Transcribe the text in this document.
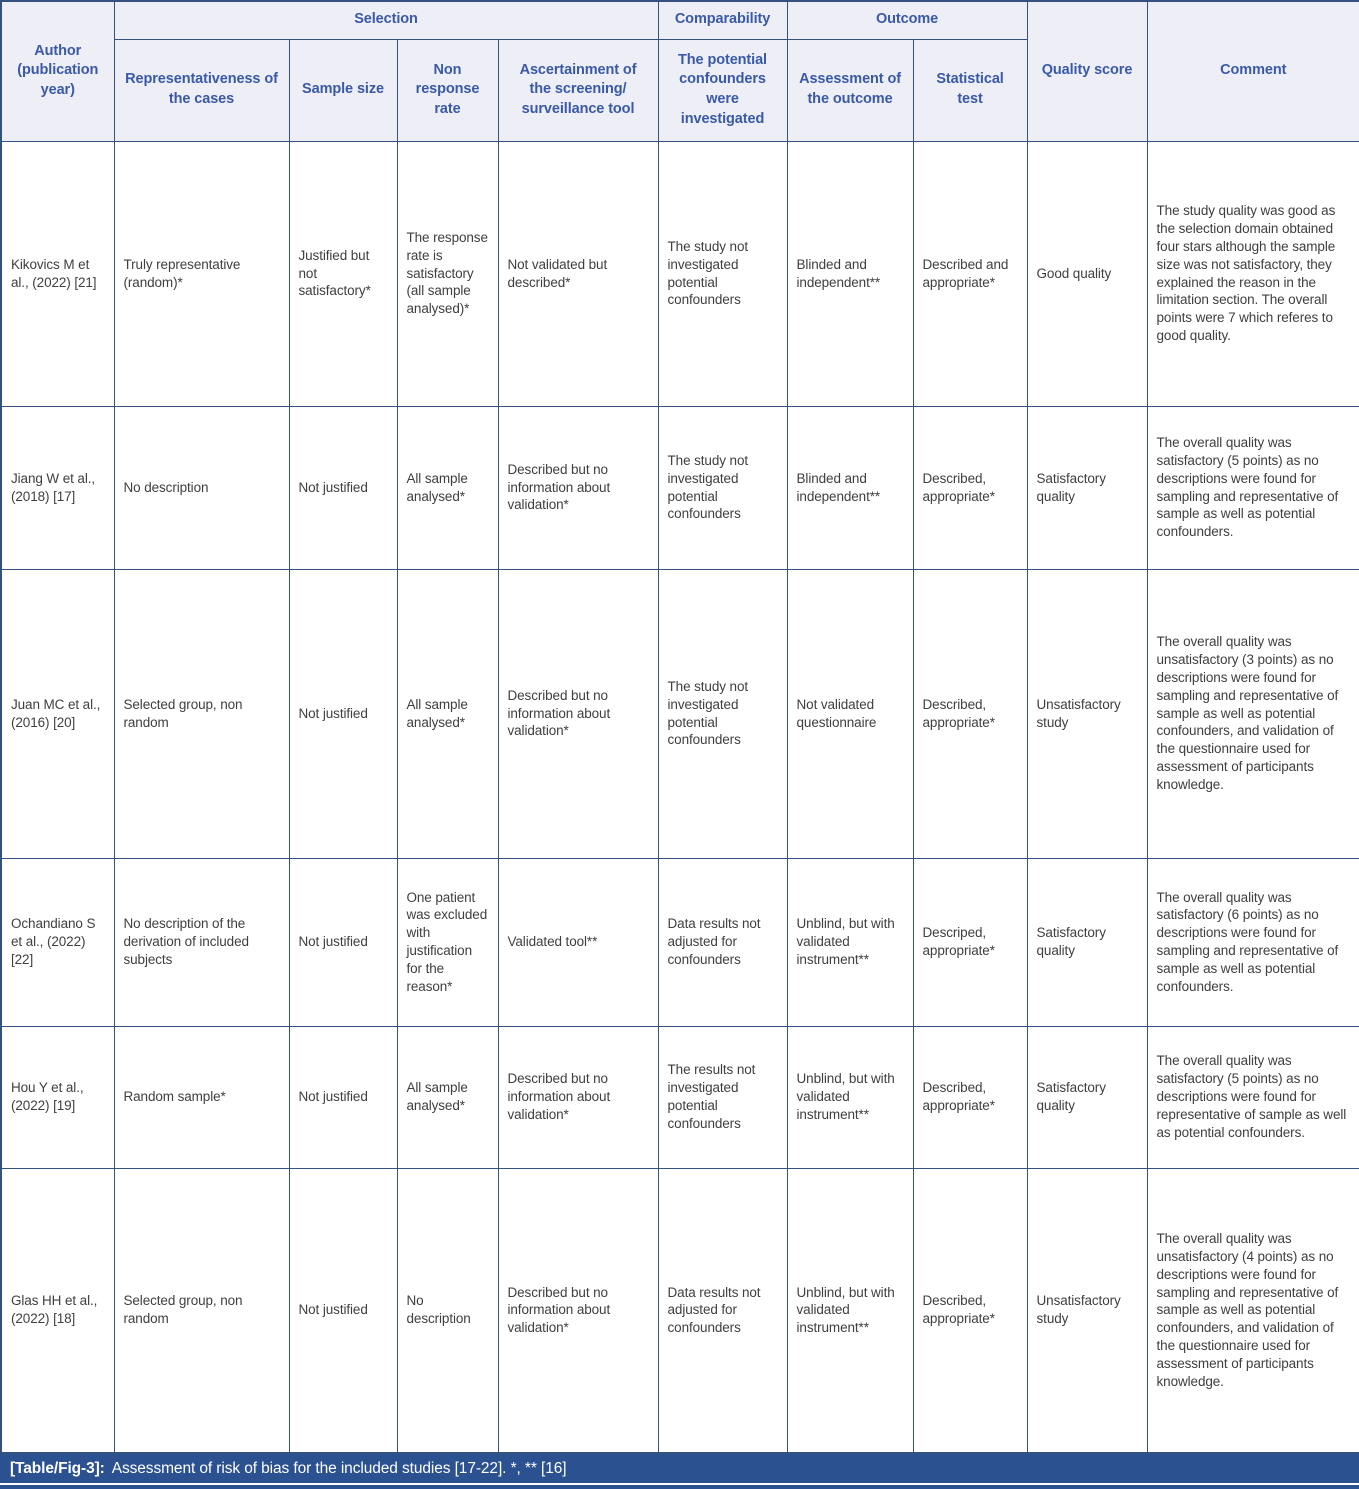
Author (publication year)	Selection				Comparability	Outcome		Quality score	Comment
	Representativeness of the cases	Sample size	Non response rate	Ascertainment of the screening/ surveillance tool	The potential confounders were investigated	Assessment of the outcome	Statistical test		
Kikovics M et al., (2022) [21]	Truly representative (random)*	Justified but not satisfactory*	The response rate is satisfactory (all sample analysed)*	Not validated but described*	The study not investigated potential confounders	Blinded and independent**	Described and appropriate*	Good quality	The study quality was good as the selection domain obtained four stars although the sample size was not satisfactory, they explained the reason in the limitation section. The overall points were 7 which referes to good quality.
Jiang W et al., (2018) [17]	No description	Not justified	All sample analysed*	Described but no information about validation*	The study not investigated potential confounders	Blinded and independent**	Described, appropriate*	Satisfactory quality	The overall quality was satisfactory (5 points) as no descriptions were found for sampling and representative of sample as well as potential confounders.
Juan MC et al., (2016) [20]	Selected group, non random	Not justified	All sample analysed*	Described but no information about validation*	The study not investigated potential confounders	Not validated questionnaire	Described, appropriate*	Unsatisfactory study	The overall quality was unsatisfactory (3 points) as no descriptions were found for sampling and representative of sample as well as potential confounders, and validation of the questionnaire used for assessment of participants knowledge.
Ochandiano S et al., (2022) [22]	No description of the derivation of included subjects	Not justified	One patient was excluded with justification for the reason*	Validated tool**	Data results not adjusted for confounders	Unblind, but with validated instrument**	Descriped, appropriate*	Satisfactory quality	The overall quality was satisfactory (6 points) as no descriptions were found for sampling and representative of sample as well as potential confounders.
Hou Y et al., (2022) [19]	Random sample*	Not justified	All sample analysed*	Described but no information about validation*	The results not investigated potential confounders	Unblind, but with validated instrument**	Described, appropriate*	Satisfactory quality	The overall quality was satisfactory (5 points) as no descriptions were found for representative of sample as well as potential confounders.
Glas HH et al., (2022) [18]	Selected group, non random	Not justified	No description	Described but no information about validation*	Data results not adjusted for confounders	Unblind, but with validated instrument**	Described, appropriate*	Unsatisfactory study	The overall quality was unsatisfactory (4 points) as no descriptions were found for sampling and representative of sample as well as potential confounders, and validation of the questionnaire used for assessment of participants knowledge.
[Table/Fig-3]: Assessment of risk of bias for the included studies [17-22]. *, ** [16]
